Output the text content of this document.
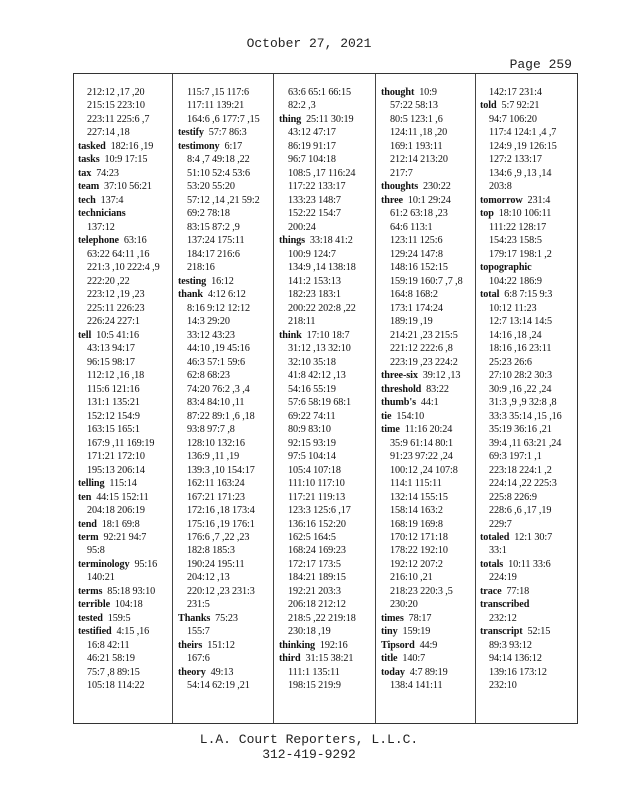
October 27, 2021
Page 259
212:12 ,17 ,20
215:15 223:10
223:11 225:6 ,7
227:14 ,18
tasked 182:16 ,19
tasks 10:9 17:15
tax 74:23
team 37:10 56:21
tech 137:4
technicians
137:12
telephone 63:16
63:22 64:11 ,16
221:3 ,10 222:4 ,9
222:20 ,22
223:12 ,19 ,23
225:11 226:23
226:24 227:1
tell 10:5 41:16
43:13 94:17
96:15 98:17
112:12 ,16 ,18
115:6 121:16
131:1 135:21
152:12 154:9
163:15 165:1
167:9 ,11 169:19
171:21 172:10
195:13 206:14
telling 115:14
ten 44:15 152:11
204:18 206:19
tend 18:1 69:8
term 92:21 94:7
95:8
terminology 95:16
140:21
terms 85:18 93:10
terrible 104:18
tested 159:5
testified 4:15 ,16
16:8 42:11
46:21 58:19
75:7 ,8 89:15
105:18 114:22
115:7 ,15 117:6
117:11 139:21
164:6 ,6 177:7 ,15
testify 57:7 86:3
testimony 6:17
8:4 ,7 49:18 ,22
51:10 52:4 53:6
53:20 55:20
57:12 ,14 ,21 59:2
69:2 78:18
83:15 87:2 ,9
137:24 175:11
184:17 216:6
218:16
testing 16:12
thank 4:12 6:12
8:16 9:12 12:12
14:3 29:20
33:12 43:23
44:10 ,19 45:16
46:3 57:1 59:6
62:8 68:23
74:20 76:2 ,3 ,4
83:4 84:10 ,11
87:22 89:1 ,6 ,18
93:8 97:7 ,8
128:10 132:16
136:9 ,11 ,19
139:3 ,10 154:17
162:11 163:24
167:21 171:23
172:16 ,18 173:4
175:16 ,19 176:1
176:6 ,7 ,22 ,23
182:8 185:3
190:24 195:11
204:12 ,13
220:12 ,23 231:3
231:5
Thanks 75:23
155:7
theirs 151:12
167:6
theory 49:13
54:14 62:19 ,21
63:6 65:1 66:15
82:2 ,3
thing 25:11 30:19
43:12 47:17
86:19 91:17
96:7 104:18
108:5 ,17 116:24
117:22 133:17
133:23 148:7
152:22 154:7
200:24
things 33:18 41:2
100:9 124:7
134:9 ,14 138:18
141:2 153:13
182:23 183:1
200:22 202:8 ,22
218:11
think 17:10 18:7
31:12 ,13 32:10
32:10 35:18
41:8 42:12 ,13
54:16 55:19
57:6 58:19 68:1
69:22 74:11
80:9 83:10
92:15 93:19
97:5 104:14
105:4 107:18
111:10 117:10
117:21 119:13
123:3 125:6 ,17
136:16 152:20
162:5 164:5
168:24 169:23
172:17 173:5
184:21 189:15
192:21 203:3
206:18 212:12
218:5 ,22 219:18
230:18 ,19
thinking 192:16
third 31:15 38:21
111:1 135:11
198:15 219:9
thought 10:9
57:22 58:13
80:5 123:1 ,6
124:11 ,18 ,20
169:1 193:11
212:14 213:20
217:7
thoughts 230:22
three 10:1 29:24
61:2 63:18 ,23
64:6 113:1
123:11 125:6
129:24 147:8
148:16 152:15
159:19 160:7 ,7 ,8
164:8 168:2
173:1 174:24
189:19 ,19
214:21 ,23 215:5
221:12 222:6 ,8
223:19 ,23 224:2
three-six 39:12 ,13
threshold 83:22
thumb's 44:1
tie 154:10
time 11:16 20:24
35:9 61:14 80:1
91:23 97:22 ,24
100:12 ,24 107:8
114:1 115:11
132:14 155:15
158:14 163:2
168:19 169:8
170:12 171:18
178:22 192:10
192:12 207:2
216:10 ,21
218:23 220:3 ,5
230:20
times 78:17
tiny 159:19
Tipsord 44:9
title 140:7
today 4:7 89:19
138:4 141:11
142:17 231:4
told 5:7 92:21
94:7 106:20
117:4 124:1 ,4 ,7
124:9 ,19 126:15
127:2 133:17
134:6 ,9 ,13 ,14
203:8
tomorrow 231:4
top 18:10 106:11
111:22 128:17
154:23 158:5
179:17 198:1 ,2
topographic
104:22 186:9
total 6:8 7:15 9:3
10:12 11:23
12:7 13:14 14:5
14:16 ,18 ,24
18:16 ,16 23:11
25:23 26:6
27:10 28:2 30:3
30:9 ,16 ,22 ,24
31:3 ,9 ,9 32:8 ,8
33:3 35:14 ,15 ,16
35:19 36:16 ,21
39:4 ,11 63:21 ,24
69:3 197:1 ,1
223:18 224:1 ,2
224:14 ,22 225:3
225:8 226:9
228:6 ,6 ,17 ,19
229:7
totaled 12:1 30:7
33:1
totals 10:11 33:6
224:19
trace 77:18
transcribed
232:12
transcript 52:15
89:3 93:12
94:14 136:12
139:16 173:12
232:10
L.A. Court Reporters, L.L.C.
312-419-9292
